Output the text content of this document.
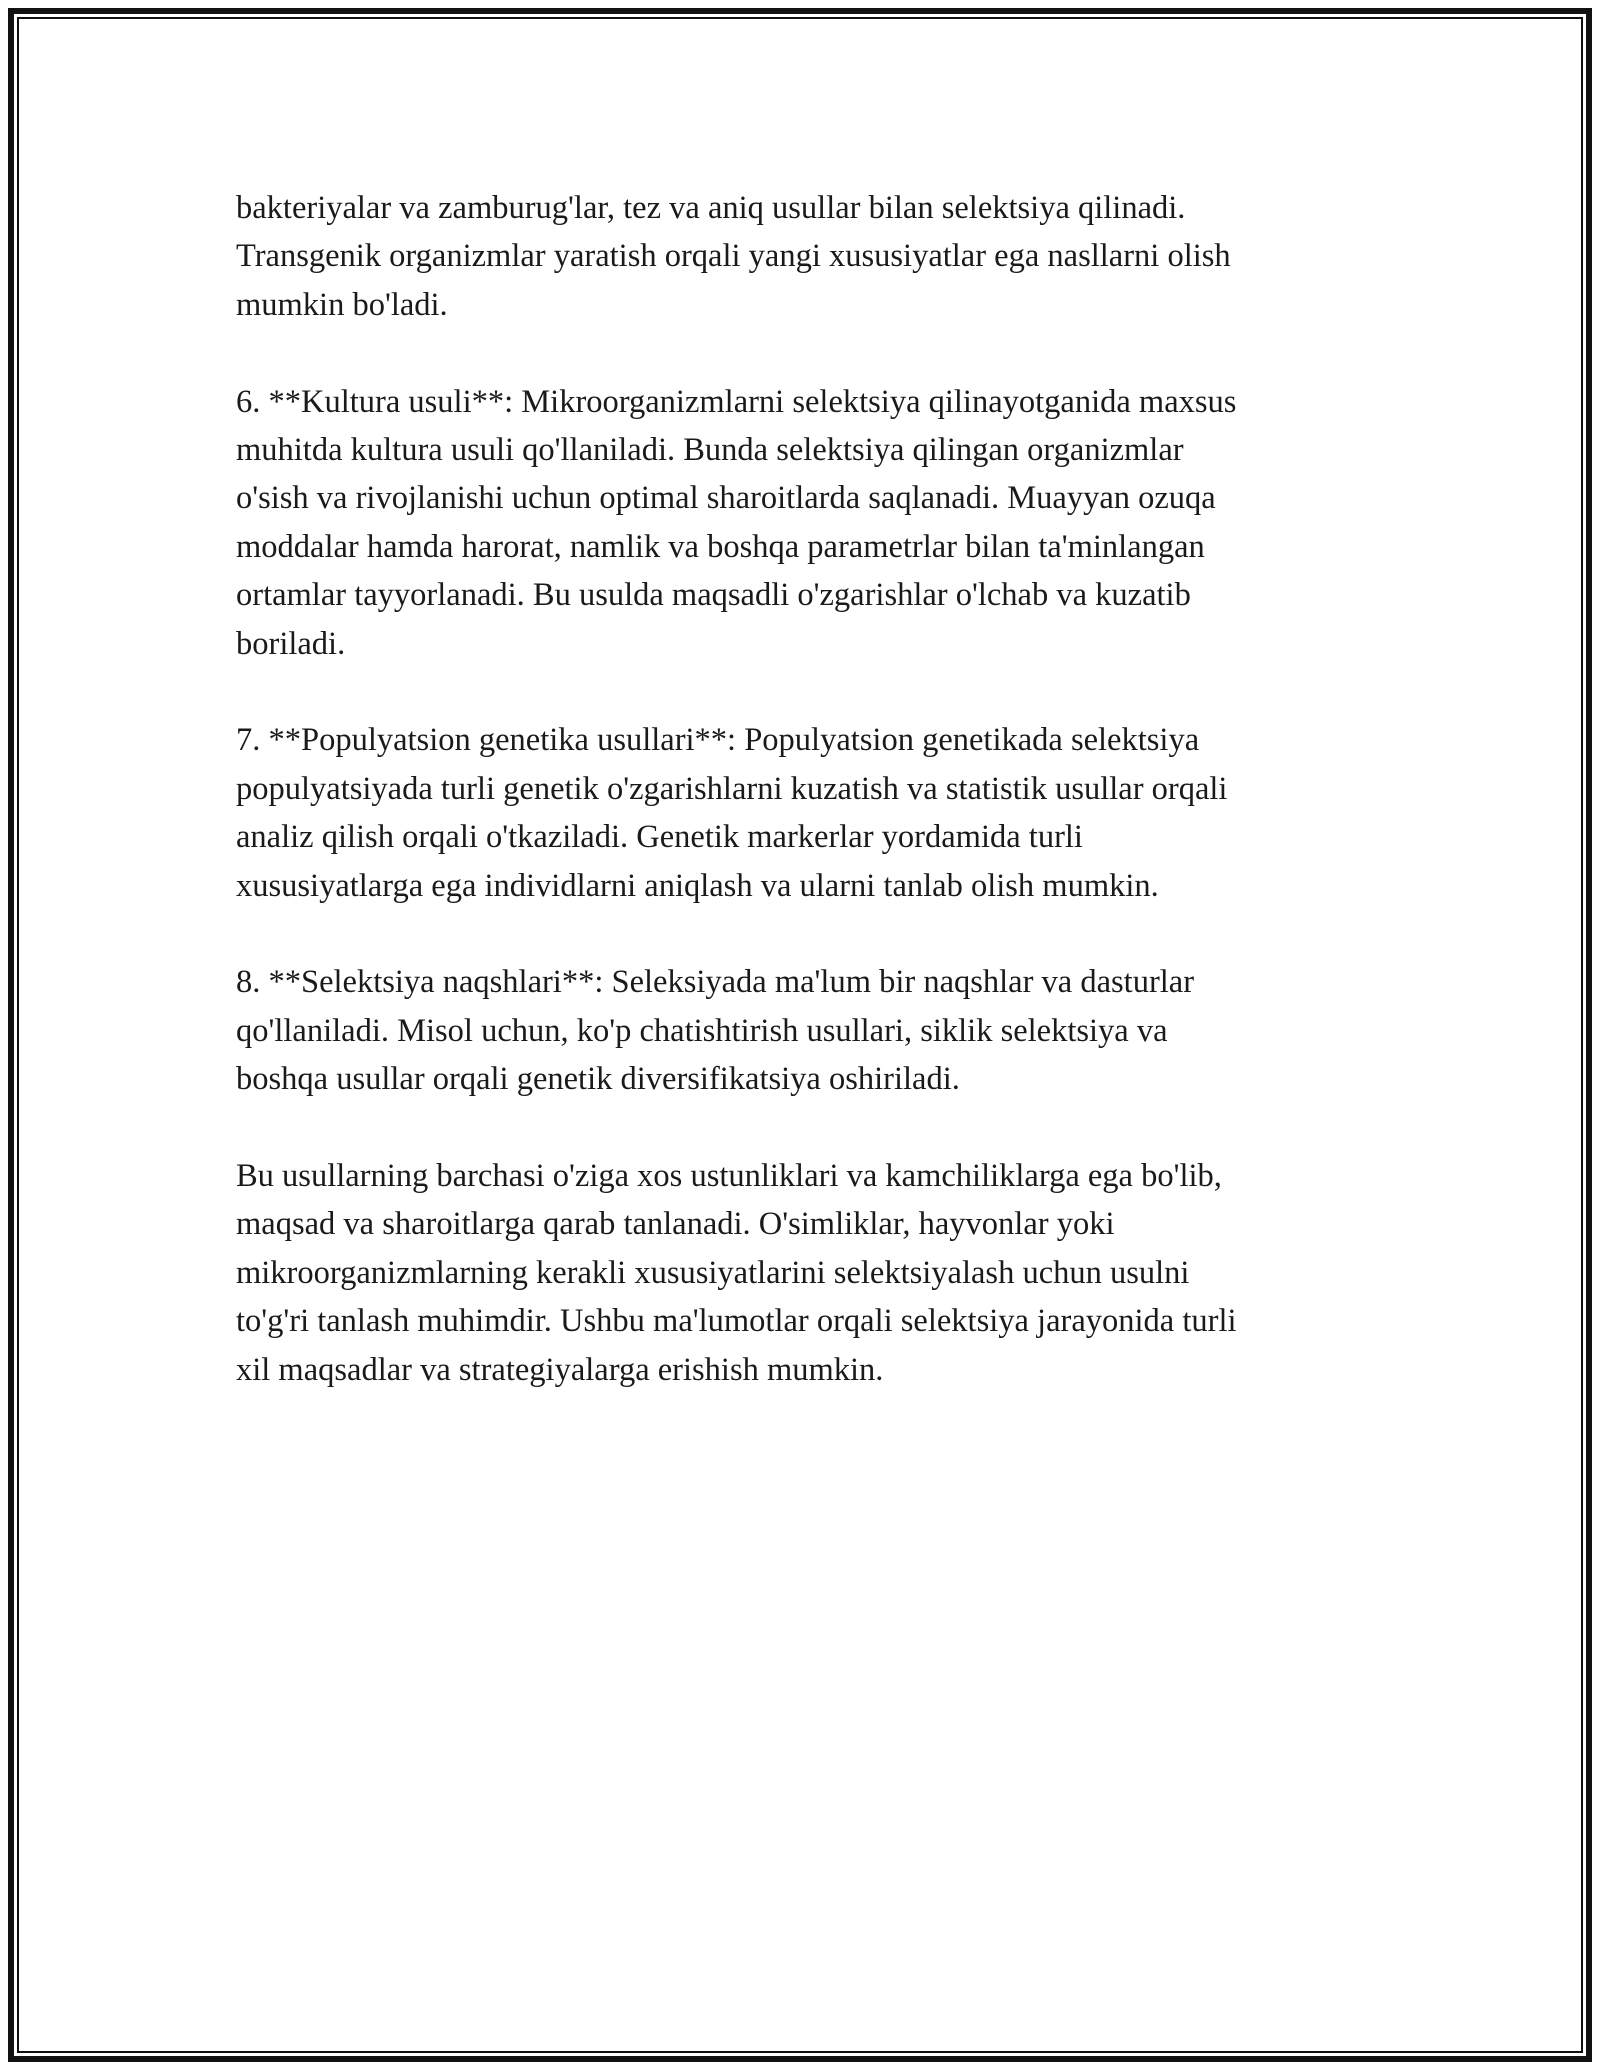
bakteriyalar va zamburug'lar, tez va aniq usullar bilan selektsiya qilinadi.
Transgenik organizmlar yaratish orqali yangi xususiyatlar ega nasllarni olish
mumkin bo'ladi.

6. **Kultura usuli**: Mikroorganizmlarni selektsiya qilinayotganida maxsus
muhitda kultura usuli qo'llaniladi. Bunda selektsiya qilingan organizmlar
o'sish va rivojlanishi uchun optimal sharoitlarda saqlanadi. Muayyan ozuqa
moddalar hamda harorat, namlik va boshqa parametrlar bilan ta'minlangan
ortamlar tayyorlanadi. Bu usulda maqsadli o'zgarishlar o'lchab va kuzatib
boriladi.

7. **Populyatsion genetika usullari**: Populyatsion genetikada selektsiya
populyatsiyada turli genetik o'zgarishlarni kuzatish va statistik usullar orqali
analiz qilish orqali o'tkaziladi. Genetik markerlar yordamida turli
xususiyatlarga ega individlarni aniqlash va ularni tanlab olish mumkin.

8. **Selektsiya naqshlari**: Seleksiyada ma'lum bir naqshlar va dasturlar
qo'llaniladi. Misol uchun, ko'p chatishtirish usullari, siklik selektsiya va
boshqa usullar orqali genetik diversifikatsiya oshiriladi.

Bu usullarning barchasi o'ziga xos ustunliklari va kamchiliklarga ega bo'lib,
maqsad va sharoitlarga qarab tanlanadi. O'simliklar, hayvonlar yoki
mikroorganizmlarning kerakli xususiyatlarini selektsiyalash uchun usulni
to'g'ri tanlash muhimdir. Ushbu ma'lumotlar orqali selektsiya jarayonida turli
xil maqsadlar va strategiyalarga erishish mumkin.
